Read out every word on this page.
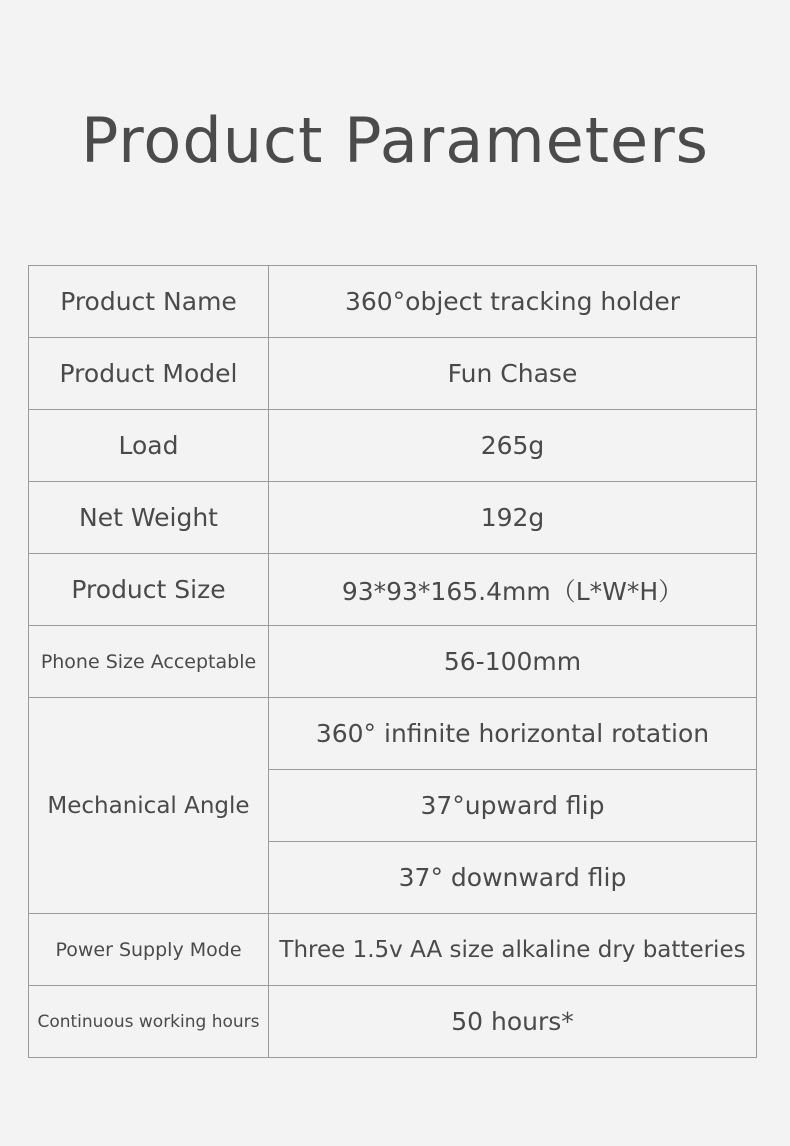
Product Parameters
Product Name	360°object tracking holder
Product Model	Fun Chase
Load	265g
Net Weight	192g
Product Size	93*93*165.4mm（L*W*H）
Phone Size Acceptable	56-100mm
Mechanical Angle	360° infinite horizontal rotation
	37°upward flip
	37° downward flip
Power Supply Mode	Three 1.5v AA size alkaline dry batteries
Continuous working hours	50 hours*
